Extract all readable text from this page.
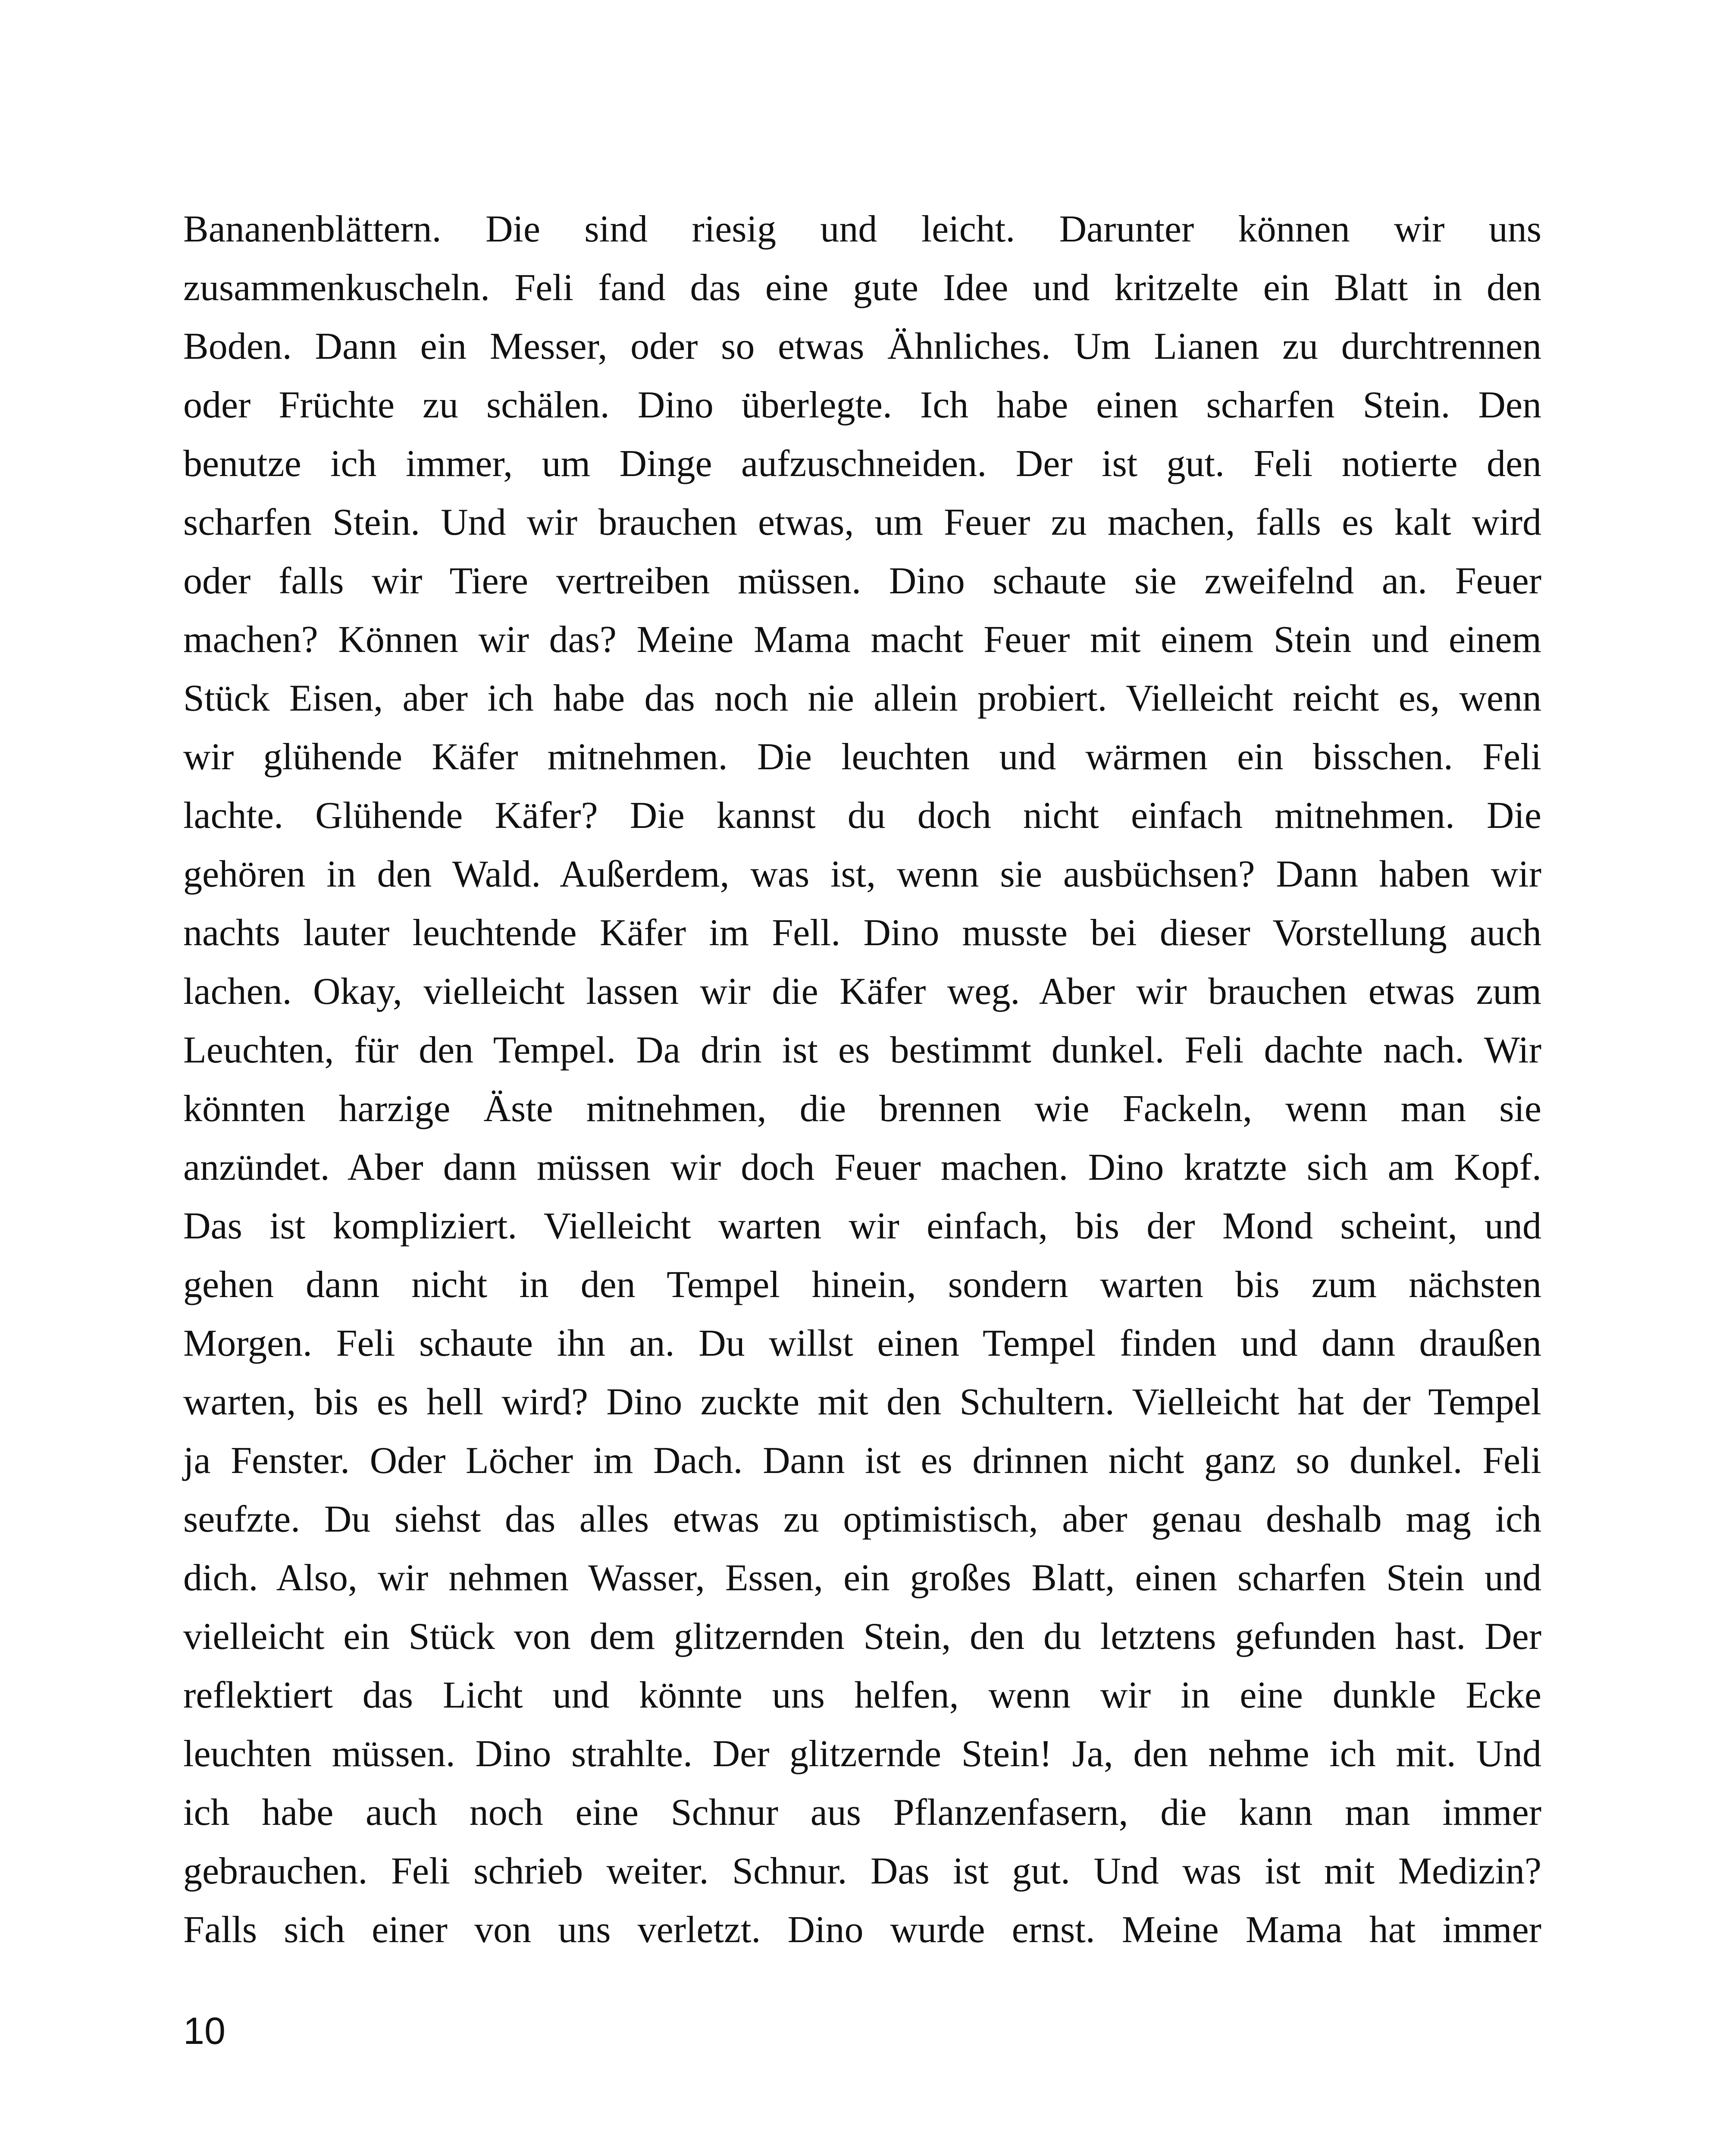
Bananenblättern. Die sind riesig und leicht. Darunter können wir uns
zusammenkuscheln. Feli fand das eine gute Idee und kritzelte ein Blatt in den
Boden. Dann ein Messer, oder so etwas Ähnliches. Um Lianen zu durchtrennen
oder Früchte zu schälen. Dino überlegte. Ich habe einen scharfen Stein. Den
benutze ich immer, um Dinge aufzuschneiden. Der ist gut. Feli notierte den
scharfen Stein. Und wir brauchen etwas, um Feuer zu machen, falls es kalt wird
oder falls wir Tiere vertreiben müssen. Dino schaute sie zweifelnd an. Feuer
machen? Können wir das? Meine Mama macht Feuer mit einem Stein und einem
Stück Eisen, aber ich habe das noch nie allein probiert. Vielleicht reicht es, wenn
wir glühende Käfer mitnehmen. Die leuchten und wärmen ein bisschen. Feli
lachte. Glühende Käfer? Die kannst du doch nicht einfach mitnehmen. Die
gehören in den Wald. Außerdem, was ist, wenn sie ausbüchsen? Dann haben wir
nachts lauter leuchtende Käfer im Fell. Dino musste bei dieser Vorstellung auch
lachen. Okay, vielleicht lassen wir die Käfer weg. Aber wir brauchen etwas zum
Leuchten, für den Tempel. Da drin ist es bestimmt dunkel. Feli dachte nach. Wir
könnten harzige Äste mitnehmen, die brennen wie Fackeln, wenn man sie
anzündet. Aber dann müssen wir doch Feuer machen. Dino kratzte sich am Kopf.
Das ist kompliziert. Vielleicht warten wir einfach, bis der Mond scheint, und
gehen dann nicht in den Tempel hinein, sondern warten bis zum nächsten
Morgen. Feli schaute ihn an. Du willst einen Tempel finden und dann draußen
warten, bis es hell wird? Dino zuckte mit den Schultern. Vielleicht hat der Tempel
ja Fenster. Oder Löcher im Dach. Dann ist es drinnen nicht ganz so dunkel. Feli
seufzte. Du siehst das alles etwas zu optimistisch, aber genau deshalb mag ich
dich. Also, wir nehmen Wasser, Essen, ein großes Blatt, einen scharfen Stein und
vielleicht ein Stück von dem glitzernden Stein, den du letztens gefunden hast. Der
reflektiert das Licht und könnte uns helfen, wenn wir in eine dunkle Ecke
leuchten müssen. Dino strahlte. Der glitzernde Stein! Ja, den nehme ich mit. Und
ich habe auch noch eine Schnur aus Pflanzenfasern, die kann man immer
gebrauchen. Feli schrieb weiter. Schnur. Das ist gut. Und was ist mit Medizin?
Falls sich einer von uns verletzt. Dino wurde ernst. Meine Mama hat immer
10
